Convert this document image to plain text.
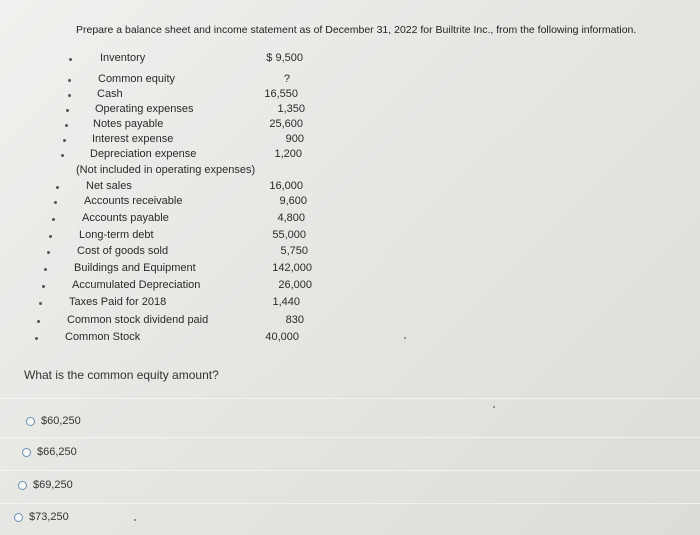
Prepare a balance sheet and income statement as of December 31, 2022 for Builtrite Inc., from the following information.
Inventory	$ 9,500
Common equity	?
Cash	16,550
Operating expenses	1,350
Notes payable	25,600
Interest expense	900
Depreciation expense	1,200
(Not included in operating expenses)
Net sales	16,000
Accounts receivable	9,600
Accounts payable	4,800
Long-term debt	55,000
Cost of goods sold	5,750
Buildings and Equipment	142,000
Accumulated Depreciation	26,000
Taxes Paid for 2018	1,440
Common stock dividend paid	830
Common Stock	40,000
What is the common equity amount?
$60,250
$66,250
$69,250
$73,250
